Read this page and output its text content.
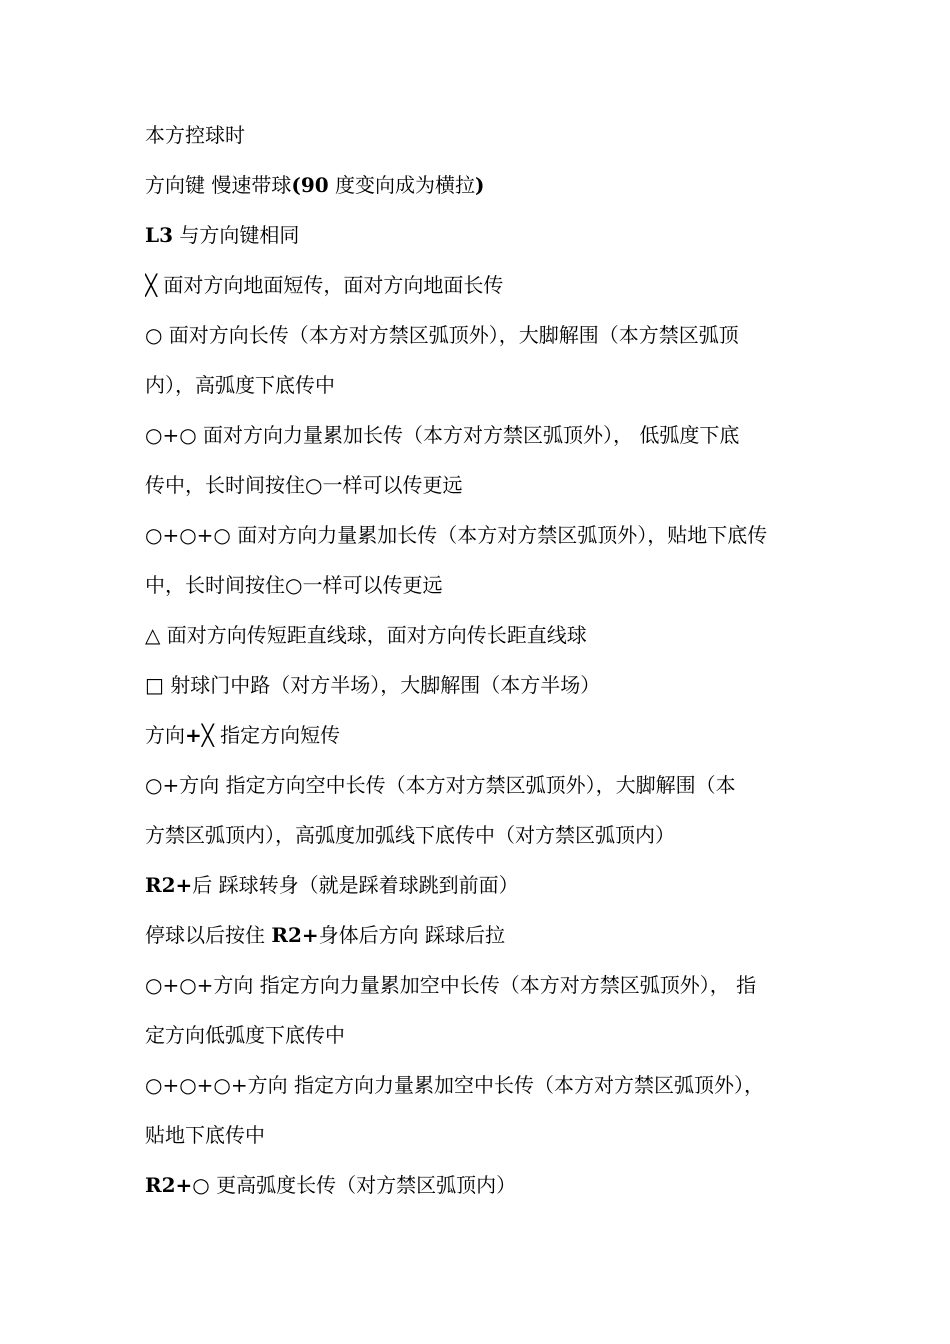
本方控球时
方向键 慢速带球(90 度变向成为横拉)
L3 与方向键相同
╳ 面对方向地面短传，面对方向地面长传
○ 面对方向长传（本方对方禁区弧顶外），大脚解围（本方禁区弧顶
内），高弧度下底传中
○+○ 面对方向力量累加长传（本方对方禁区弧顶外）， 低弧度下底
传中，长时间按住○一样可以传更远
○+○+○ 面对方向力量累加长传（本方对方禁区弧顶外），贴地下底传
中，长时间按住○一样可以传更远
△ 面对方向传短距直线球，面对方向传长距直线球
□ 射球门中路（对方半场），大脚解围（本方半场）
方向+╳ 指定方向短传
○+方向 指定方向空中长传（本方对方禁区弧顶外），大脚解围（本
方禁区弧顶内），高弧度加弧线下底传中（对方禁区弧顶内）
R2+后 踩球转身（就是踩着球跳到前面）
停球以后按住 R2+身体后方向 踩球后拉
○+○+方向 指定方向力量累加空中长传（本方对方禁区弧顶外）， 指
定方向低弧度下底传中
○+○+○+方向 指定方向力量累加空中长传（本方对方禁区弧顶外），
贴地下底传中
R2+○ 更高弧度长传（对方禁区弧顶内）
